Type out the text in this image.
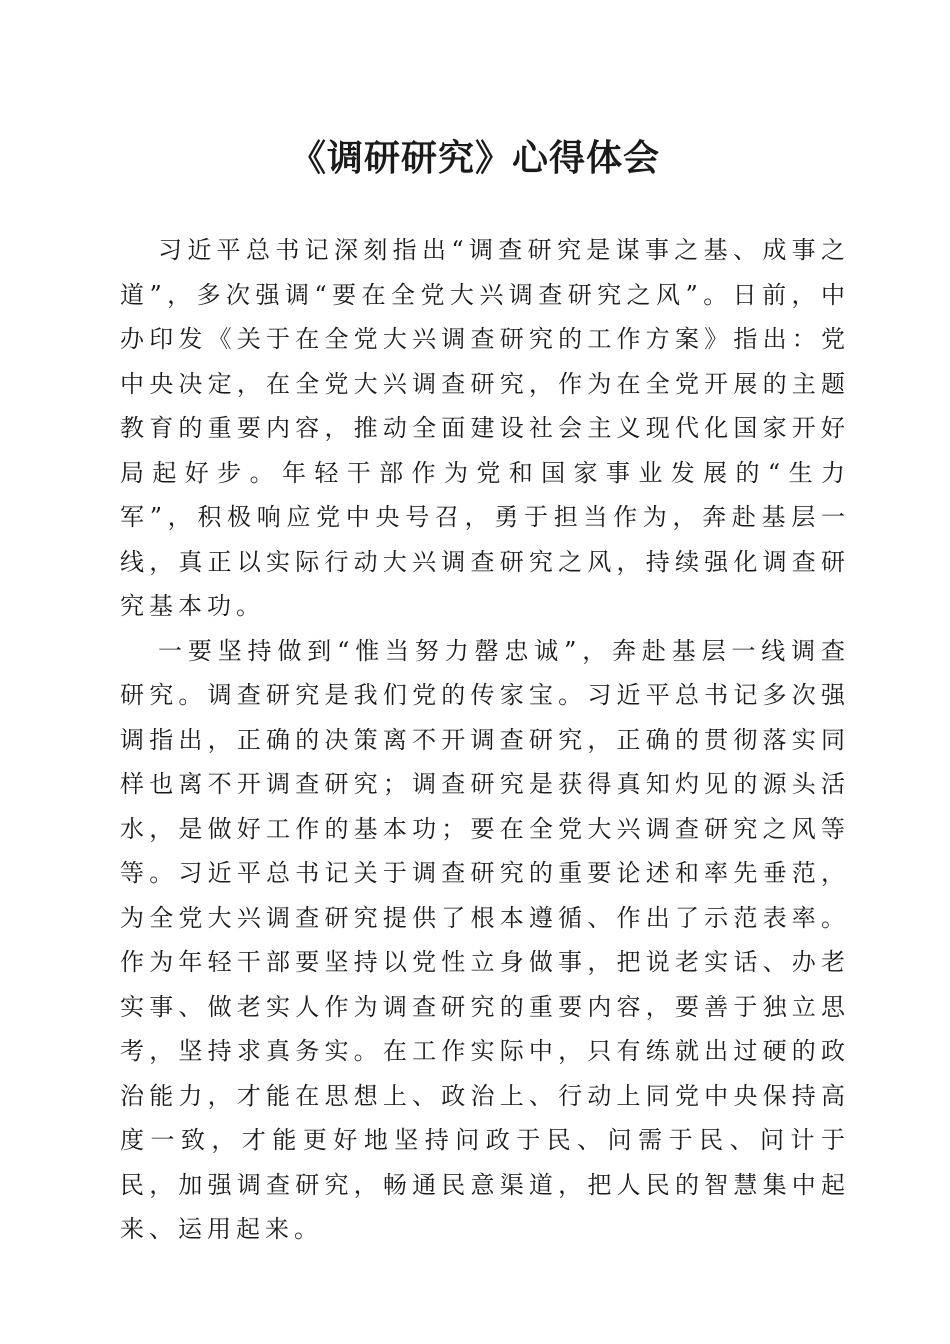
《调研研究》心得体会

习近平总书记深刻指出“调查研究是谋事之基、成事之道”，多次强调“要在全党大兴调查研究之风”。日前，中办印发《关于在全党大兴调查研究的工作方案》指出：党中央决定，在全党大兴调查研究，作为在全党开展的主题教育的重要内容，推动全面建设社会主义现代化国家开好局起好步。年轻干部作为党和国家事业发展的“生力军”，积极响应党中央号召，勇于担当作为，奔赴基层一线，真正以实际行动大兴调查研究之风，持续强化调查研究基本功。

一要坚持做到“惟当努力罄忠诚”，奔赴基层一线调查研究。调查研究是我们党的传家宝。习近平总书记多次强调指出，正确的决策离不开调查研究，正确的贯彻落实同样也离不开调查研究；调查研究是获得真知灼见的源头活水，是做好工作的基本功；要在全党大兴调查研究之风等等。习近平总书记关于调查研究的重要论述和率先垂范，为全党大兴调查研究提供了根本遵循、作出了示范表率。作为年轻干部要坚持以党性立身做事，把说老实话、办老实事、做老实人作为调查研究的重要内容，要善于独立思考，坚持求真务实。在工作实际中，只有练就出过硬的政治能力，才能在思想上、政治上、行动上同党中央保持高度一致，才能更好地坚持问政于民、问需于民、问计于民，加强调查研究，畅通民意渠道，把人民的智慧集中起来、运用起来。
